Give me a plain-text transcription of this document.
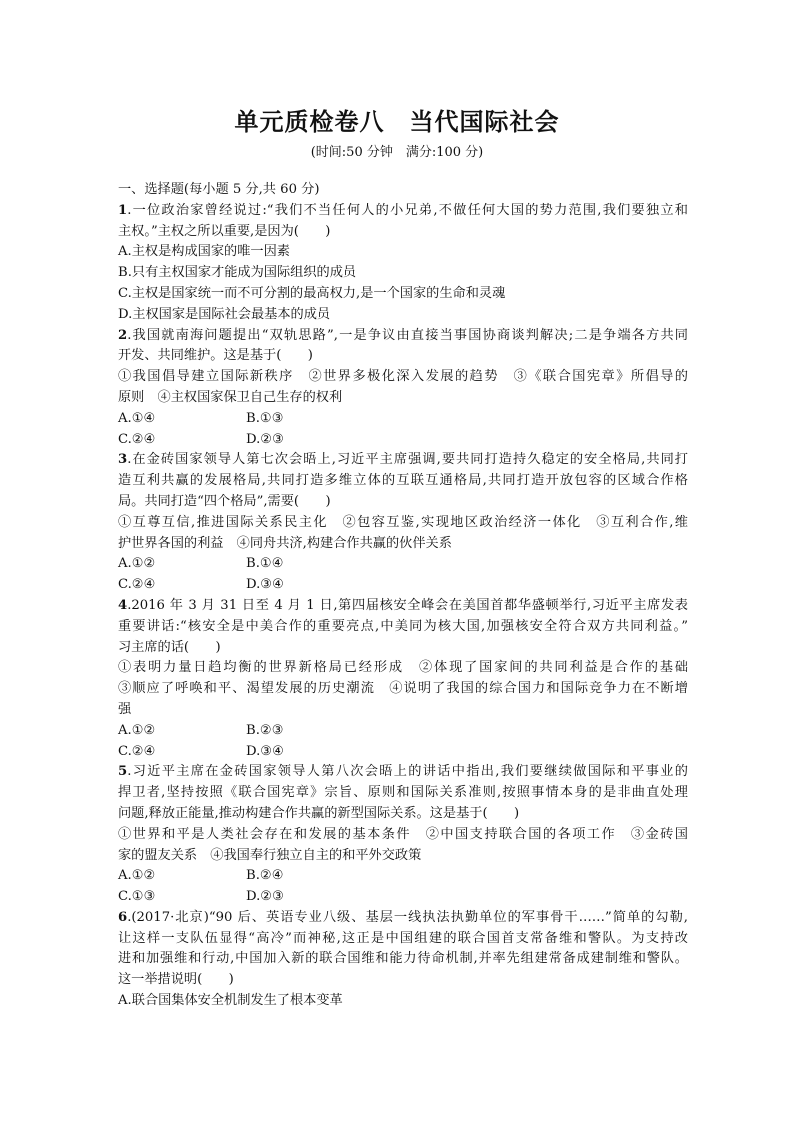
单元质检卷八　当代国际社会
(时间:50 分钟　满分:100 分)
一、选择题(每小题 5 分,共 60 分)
1.一位政治家曾经说过:“我们不当任何人的小兄弟,不做任何大国的势力范围,我们要独立和
主权。”主权之所以重要,是因为(　　)
A.主权是构成国家的唯一因素
B.只有主权国家才能成为国际组织的成员
C.主权是国家统一而不可分割的最高权力,是一个国家的生命和灵魂
D.主权国家是国际社会最基本的成员
2.我国就南海问题提出“双轨思路”,一是争议由直接当事国协商谈判解决;二是争端各方共同
开发、共同维护。这是基于(　　)
①我国倡导建立国际新秩序　②世界多极化深入发展的趋势　③《联合国宪章》所倡导的
原则　④主权国家保卫自己生存的权利
A.①④	B.①③
C.②④	D.②③
3.在金砖国家领导人第七次会晤上,习近平主席强调,要共同打造持久稳定的安全格局,共同打
造互利共赢的发展格局,共同打造多维立体的互联互通格局,共同打造开放包容的区域合作格
局。共同打造“四个格局”,需要(　　)
①互尊互信,推进国际关系民主化　②包容互鉴,实现地区政治经济一体化　③互利合作,维
护世界各国的利益　④同舟共济,构建合作共赢的伙伴关系
A.①②	B.①④
C.②④	D.③④
4.2016 年 3 月 31 日至 4 月 1 日,第四届核安全峰会在美国首都华盛顿举行,习近平主席发表
重要讲话:“核安全是中美合作的重要亮点,中美同为核大国,加强核安全符合双方共同利益。”
习主席的话(　　)
①表明力量日趋均衡的世界新格局已经形成　②体现了国家间的共同利益是合作的基础
③顺应了呼唤和平、渴望发展的历史潮流　④说明了我国的综合国力和国际竞争力在不断增
强
A.①②	B.②③
C.②④	D.③④
5.习近平主席在金砖国家领导人第八次会晤上的讲话中指出,我们要继续做国际和平事业的
捍卫者,坚持按照《联合国宪章》宗旨、原则和国际关系准则,按照事情本身的是非曲直处理
问题,释放正能量,推动构建合作共赢的新型国际关系。这是基于(　　)
①世界和平是人类社会存在和发展的基本条件　②中国支持联合国的各项工作　③金砖国
家的盟友关系　④我国奉行独立自主的和平外交政策
A.①②	B.②④
C.①③	D.②③
6.(2017·北京)“90 后、英语专业八级、基层一线执法执勤单位的军事骨干……”简单的勾勒,
让这样一支队伍显得“高冷”而神秘,这正是中国组建的联合国首支常备维和警队。为支持改
进和加强维和行动,中国加入新的联合国维和能力待命机制,并率先组建常备成建制维和警队。
这一举措说明(　　)
A.联合国集体安全机制发生了根本变革
